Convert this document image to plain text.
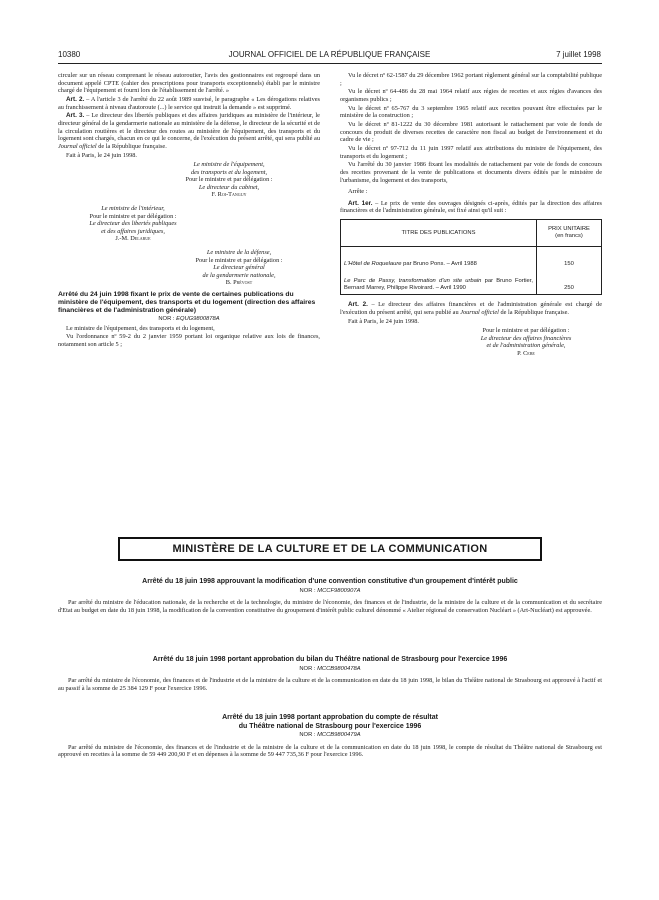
10380	JOURNAL OFFICIEL DE LA RÉPUBLIQUE FRANÇAISE	7 juillet 1998

circuler sur un réseau comprenant le réseau autoroutier, l'avis des gestionnaires est regroupé dans un document appelé CPTE (cahier des prescriptions pour transports exceptionnels) établi par le ministre chargé de l'équipement et fourni lors de l'établissement de l'arrêté. »

Art. 2. – A l'article 3 de l'arrêté du 22 août 1989 susvisé, le paragraphe « Les dérogations relatives au franchissement à niveau d'autoroute (...) le service qui instruit la demande » est supprimé.

Art. 3. – Le directeur des libertés publiques et des affaires juridiques au ministère de l'intérieur, le directeur général de la gendarmerie nationale au ministère de la défense, le directeur de la sécurité et de la circulation routières et le directeur des routes au ministère de l'équipement, des transports et du logement sont chargés, chacun en ce qui le concerne, de l'exécution du présent arrêté, qui sera publié au Journal officiel de la République française.

Fait à Paris, le 24 juin 1998.

Le ministre de l'équipement,
des transports et du logement,
Pour le ministre et par délégation :
Le directeur du cabinet,
F. Roi-Tanguy
Le ministre de l'intérieur,
Pour le ministre et par délégation :
Le directeur des libertés publiques
et des affaires juridiques,
J.-M. Delarue
Le ministre de la défense,
Pour le ministre et par délégation :
Le directeur général
de la gendarmerie nationale,
B. Prévost

Arrêté du 24 juin 1998 fixant le prix de vente de certaines publications du ministère de l'équipement, des transports et du logement (direction des affaires financières et de l'administration générale)

NOR : EQUG9800878A

Le ministre de l'équipement, des transports et du logement,

Vu l'ordonnance nº 59-2 du 2 janvier 1959 portant loi organique relative aux lois de finances, notamment son article 5 ;

Vu le décret nº 62-1587 du 29 décembre 1962 portant règlement général sur la comptabilité publique ;

Vu le décret nº 64-486 du 28 mai 1964 relatif aux régies de recettes et aux régies d'avances des organismes publics ;

Vu le décret nº 65-767 du 3 septembre 1965 relatif aux recettes pouvant être effectuées par le ministère de la construction ;

Vu le décret nº 81-1222 du 30 décembre 1981 autorisant le rattachement par voie de fonds de concours du produit de diverses recettes de caractère non fiscal au budget de l'environnement et du cadre de vie ;

Vu le décret nº 97-712 du 11 juin 1997 relatif aux attributions du ministre de l'équipement, des transports et du logement ;

Vu l'arrêté du 30 janvier 1986 fixant les modalités de rattachement par voie de fonds de concours des recettes provenant de la vente de publications et documents divers édités par le ministère de l'urbanisme, du logement et des transports,

Arrête :

Art. 1er. – Le prix de vente des ouvrages désignés ci-après, édités par la direction des affaires financières et de l'administration générale, est fixé ainsi qu'il suit :

TITRE DES PUBLICATIONS	PRIX UNITAIRE
(en francs)

L'Hôtel de Roquelaure par Bruno Pons. – Avril 1988	150
Le Parc de Passy, transformation d'un site urbain par Bruno Fortier, Bernard Marrey, Philippe Rivoirard. – Avril 1990	250

Art. 2. – Le directeur des affaires financières et de l'administration générale est chargé de l'exécution du présent arrêté, qui sera publié au Journal officiel de la République française.

Fait à Paris, le 24 juin 1998.

Pour le ministre et par délégation :
Le directeur des affaires financières
et de l'administration générale,
P. Cebe
MINISTÈRE DE LA CULTURE ET DE LA COMMUNICATION

Arrêté du 18 juin 1998 approuvant la modification d'une convention constitutive d'un groupement d'intérêt public

NOR : MCCF9800907A

Par arrêté du ministre de l'éducation nationale, de la recherche et de la technologie, du ministre de l'économie, des finances et de l'industrie, de la ministre de la culture et de la communication et du secrétaire d'Etat au budget en date du 18 juin 1998, la modification de la convention constitutive du groupement d'intérêt public culturel dénommé « Atelier régional de conservation Nucléart » (Art-Nucléart) est approuvée.

Arrêté du 18 juin 1998 portant approbation du bilan du Théâtre national de Strasbourg pour l'exercice 1996

NOR : MCCB9800478A

Par arrêté du ministre de l'économie, des finances et de l'industrie et de la ministre de la culture et de la communication en date du 18 juin 1998, le bilan du Théâtre national de Strasbourg est approuvé à l'actif et au passif à la somme de 25 384 129 F pour l'exercice 1996.

Arrêté du 18 juin 1998 portant approbation du compte de résultat

du Théâtre national de Strasbourg pour l'exercice 1996

NOR : MCCB9800479A

Par arrêté du ministre de l'économie, des finances et de l'industrie et de la ministre de la culture et de la communication en date du 18 juin 1998, le compte de résultat du Théâtre national de Strasbourg est approuvé en recettes à la somme de 59 449 200,90 F et en dépenses à la somme de 59 447 735,36 F pour l'exercice 1996.
